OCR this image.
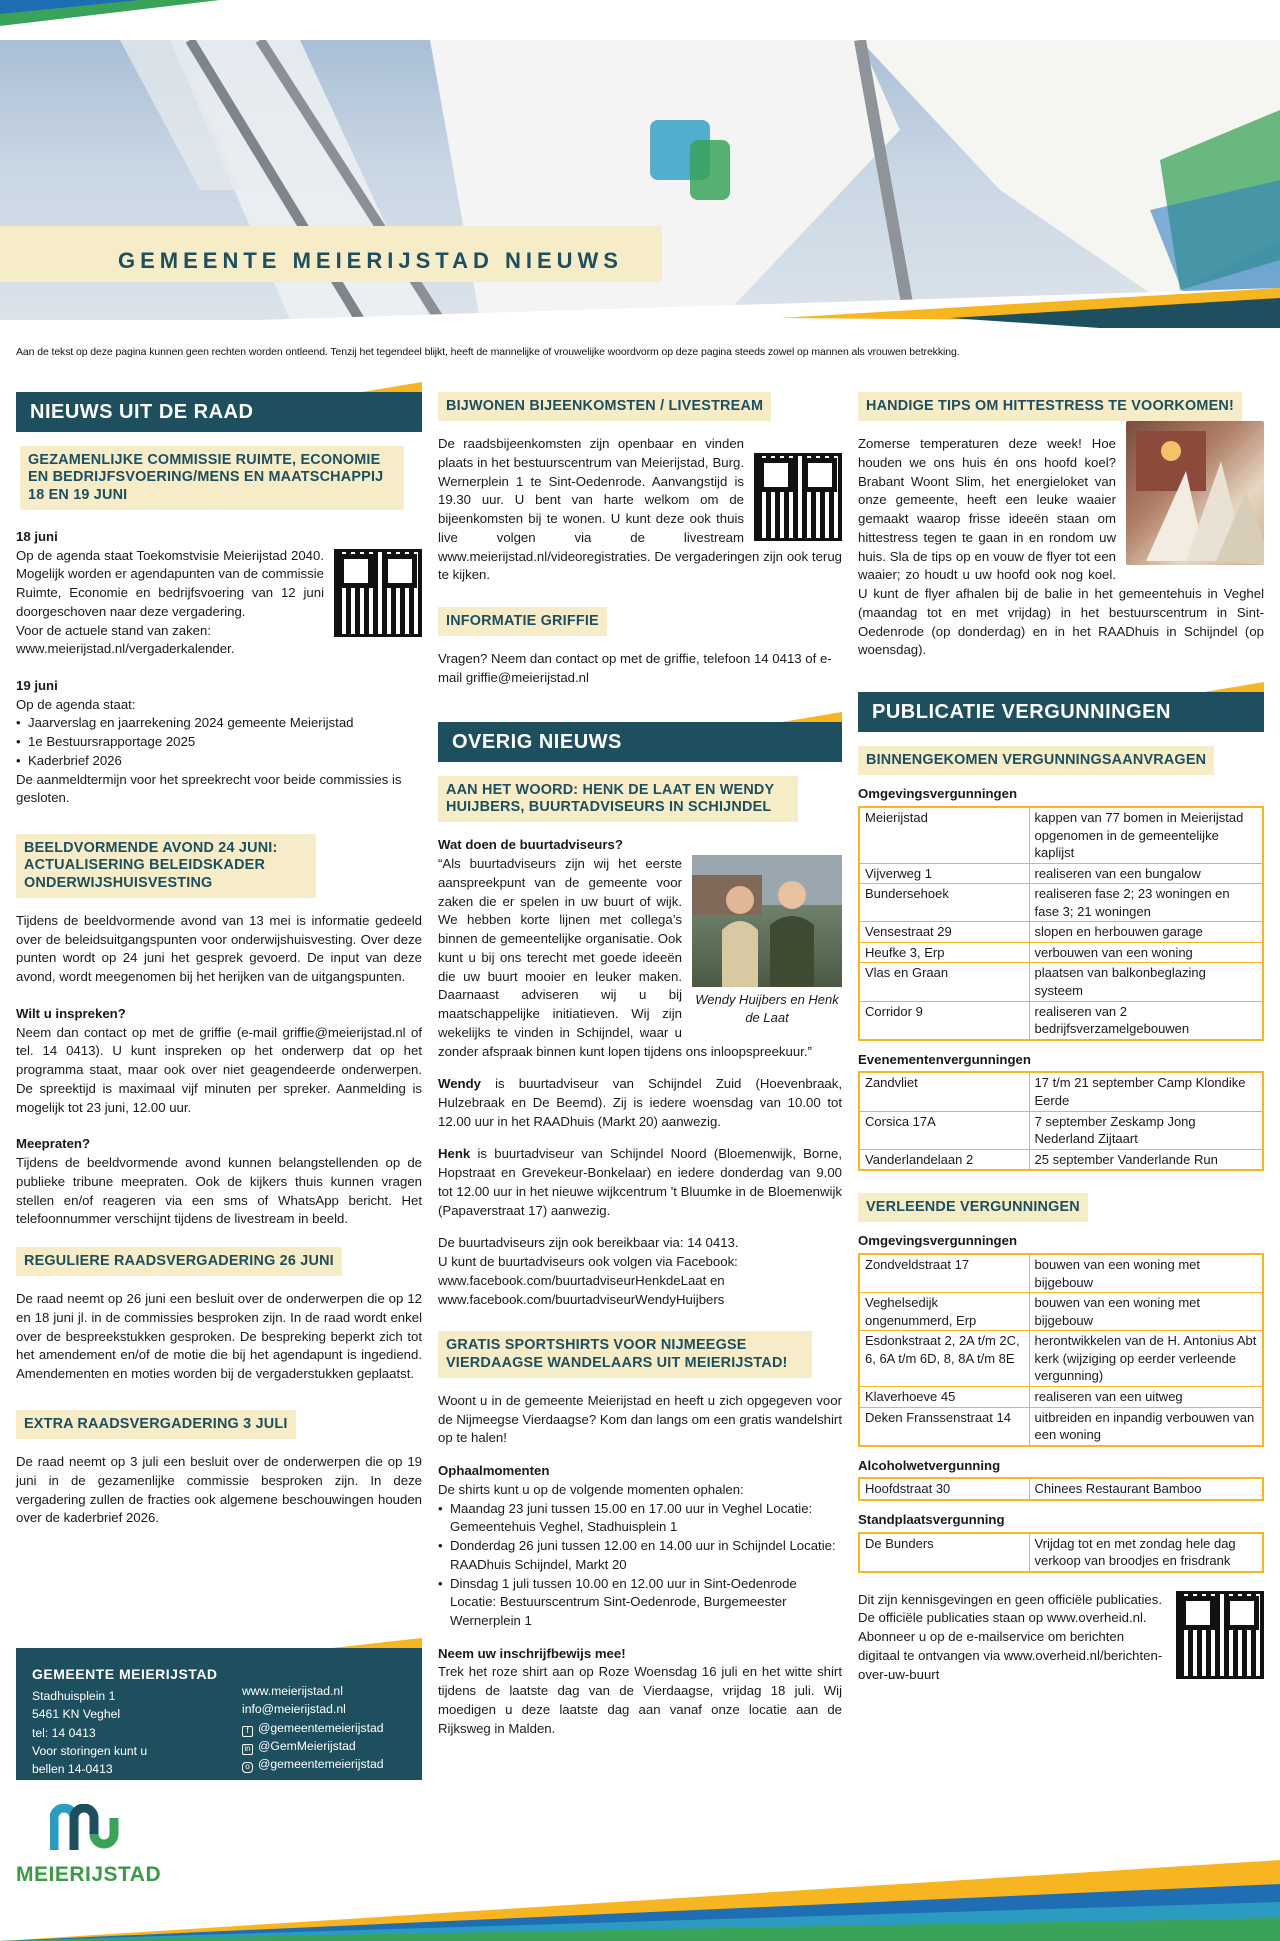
GEMEENTE MEIERIJSTAD NIEUWS
Aan de tekst op deze pagina kunnen geen rechten worden ontleend. Tenzij het tegendeel blijkt, heeft de mannelijke of vrouwelijke woordvorm op deze pagina steeds zowel op mannen als vrouwen betrekking.
NIEUWS UIT DE RAAD
GEZAMENLIJKE COMMISSIE RUIMTE, ECONOMIE EN BEDRIJFSVOERING/MENS EN MAATSCHAPPIJ 18 EN 19 JUNI

18 juni

Op de agenda staat Toekomstvisie Meierijstad 2040. Mogelijk worden er agendapunten van de commissie Ruimte, Economie en bedrijfsvoering van 12 juni doorgeschoven naar deze vergadering.

Voor de actuele stand van zaken:

www.meierijstad.nl/vergaderkalender.

19 juni

Op de agenda staat:

• Jaarverslag en jaarrekening 2024 gemeente Meierijstad
• 1e Bestuursrapportage 2025
• Kaderbrief 2026

De aanmeldtermijn voor het spreekrecht voor beide commissies is gesloten.

BEELDVORMENDE AVOND 24 JUNI: ACTUALISERING BELEIDSKADER ONDERWIJSHUISVESTING

Tijdens de beeldvormende avond van 13 mei is informatie gedeeld over de beleidsuitgangspunten voor onderwijshuisvesting. Over deze punten wordt op 24 juni het gesprek gevoerd. De input van deze avond, wordt meegenomen bij het herijken van de uitgangspunten.

Wilt u inspreken?

Neem dan contact op met de griffie (e-mail griffie@meierijstad.nl of tel. 14 0413). U kunt inspreken op het onderwerp dat op het programma staat, maar ook over niet geagendeerde onderwerpen. De spreektijd is maximaal vijf minuten per spreker. Aanmelding is mogelijk tot 23 juni, 12.00 uur.

Meepraten?

Tijdens de beeldvormende avond kunnen belangstellenden op de publieke tribune meepraten. Ook de kijkers thuis kunnen vragen stellen en/of reageren via een sms of WhatsApp bericht. Het telefoonnummer verschijnt tijdens de livestream in beeld.

REGULIERE RAADSVERGADERING 26 JUNI

De raad neemt op 26 juni een besluit over de onderwerpen die op 12 en 18 juni jl. in de commissies besproken zijn. In de raad wordt enkel over de bespreekstukken gesproken. De bespreking beperkt zich tot het amendement en/of de motie die bij het agendapunt is ingediend. Amendementen en moties worden bij de vergaderstukken geplaatst.

EXTRA RAADSVERGADERING 3 JULI

De raad neemt op 3 juli een besluit over de onderwerpen die op 19 juni in de gezamenlijke commissie besproken zijn. In deze vergadering zullen de fracties ook algemene beschouwingen houden over de kaderbrief 2026.

GEMEENTE MEIERIJSTAD
Stadhuisplein 1
5461 KN Veghel
tel: 14 0413
Voor storingen kunt u
bellen 14-0413
www.meierijstad.nl
info@meierijstad.nl
f @gemeentemeierijstad
in @GemMeierijstad
o @gemeentemeierijstad
MEIERIJSTAD
BIJWONEN BIJEENKOMSTEN / LIVESTREAM

De raadsbijeenkomsten zijn openbaar en vinden plaats in het bestuurscentrum van Meierijstad, Burg. Wernerplein 1 te Sint-Oedenrode. Aanvangstijd is 19.30 uur. U bent van harte welkom om de bijeenkomsten bij te wonen. U kunt deze ook thuis live volgen via de livestream www.meierijstad.nl/videoregistraties. De vergaderingen zijn ook terug te kijken.

INFORMATIE GRIFFIE

Vragen? Neem dan contact op met de griffie, telefoon 14 0413 of e-mail griffie@meierijstad.nl

OVERIG NIEUWS
AAN HET WOORD: HENK DE LAAT EN WENDY HUIJBERS, BUURTADVISEURS IN SCHIJNDEL

Wat doen de buurtadviseurs?

Wendy Huijbers en Henk de Laat

“Als buurtadviseurs zijn wij het eerste aanspreekpunt van de gemeente voor zaken die er spelen in uw buurt of wijk. We hebben korte lijnen met collega’s binnen de gemeentelijke organisatie. Ook kunt u bij ons terecht met goede ideeën die uw buurt mooier en leuker maken. Daarnaast adviseren wij u bij maatschappelijke initiatieven. Wij zijn wekelijks te vinden in Schijndel, waar u zonder afspraak binnen kunt lopen tijdens ons inloopspreekuur.”

Wendy is buurtadviseur van Schijndel Zuid (Hoevenbraak, Hulzebraak en De Beemd). Zij is iedere woensdag van 10.00 tot 12.00 uur in het RAADhuis (Markt 20) aanwezig.

Henk is buurtadviseur van Schijndel Noord (Bloemenwijk, Borne, Hopstraat en Grevekeur-Bonkelaar) en iedere donderdag van 9.00 tot 12.00 uur in het nieuwe wijkcentrum 't Bluumke in de Bloemenwijk (Papaverstraat 17) aanwezig.

De buurtadviseurs zijn ook bereikbaar via: 14 0413.

U kunt de buurtadviseurs ook volgen via Facebook:

www.facebook.com/buurtadviseurHenkdeLaat en

www.facebook.com/buurtadviseurWendyHuijbers

GRATIS SPORTSHIRTS VOOR NIJMEEGSE VIERDAAGSE WANDELAARS UIT MEIERIJSTAD!

Woont u in de gemeente Meierijstad en heeft u zich opgegeven voor de Nijmeegse Vierdaagse? Kom dan langs om een gratis wandelshirt op te halen!

Ophaalmomenten

De shirts kunt u op de volgende momenten ophalen:

• Maandag 23 juni tussen 15.00 en 17.00 uur in Veghel Locatie: Gemeentehuis Veghel, Stadhuisplein 1
• Donderdag 26 juni tussen 12.00 en 14.00 uur in Schijndel Locatie: RAADhuis Schijndel, Markt 20
• Dinsdag 1 juli tussen 10.00 en 12.00 uur in Sint-Oedenrode Locatie: Bestuurscentrum Sint-Oedenrode, Burgemeester Wernerplein 1

Neem uw inschrijfbewijs mee!

Trek het roze shirt aan op Roze Woensdag 16 juli en het witte shirt tijdens de laatste dag van de Vierdaagse, vrijdag 18 juli. Wij moedigen u deze laatste dag aan vanaf onze locatie aan de Rijksweg in Malden.

HANDIGE TIPS OM HITTESTRESS TE VOORKOMEN!

Zomerse temperaturen deze week! Hoe houden we ons huis én ons hoofd koel? Brabant Woont Slim, het energieloket van onze gemeente, heeft een leuke waaier gemaakt waarop frisse ideeën staan om hittestress tegen te gaan in en rondom uw huis. Sla de tips op en vouw de flyer tot een waaier; zo houdt u uw hoofd ook nog koel. U kunt de flyer afhalen bij de balie in het gemeentehuis in Veghel (maandag tot en met vrijdag) in het bestuurscentrum in Sint-Oedenrode (op donderdag) en in het RAADhuis in Schijndel (op woensdag).

PUBLICATIE VERGUNNINGEN
BINNENGEKOMEN VERGUNNINGSAANVRAGEN
Omgevingsvergunningen
Meierijstad	kappen van 77 bomen in Meierijstad opgenomen in de gemeentelijke kaplijst
Vijverweg 1	realiseren van een bungalow
Bundersehoek	realiseren fase 2; 23 woningen en fase 3; 21 woningen
Vensestraat 29	slopen en herbouwen garage
Heufke 3, Erp	verbouwen van een woning
Vlas en Graan	plaatsen van balkonbeglazing systeem
Corridor 9	realiseren van 2 bedrijfsverzamelgebouwen
Evenementenvergunningen
Zandvliet	17 t/m 21 september Camp Klondike Eerde
Corsica 17A	7 september Zeskamp Jong Nederland Zijtaart
Vanderlandelaan 2	25 september Vanderlande Run
VERLEENDE VERGUNNINGEN
Omgevingsvergunningen
Zondveldstraat 17	bouwen van een woning met bijgebouw
Veghelsedijk ongenummerd, Erp	bouwen van een woning met bijgebouw
Esdonkstraat 2, 2A t/m 2C, 6, 6A t/m 6D, 8, 8A t/m 8E	herontwikkelen van de H. Antonius Abt kerk (wijziging op eerder verleende vergunning)
Klaverhoeve 45	realiseren van een uitweg
Deken Franssenstraat 14	uitbreiden en inpandig verbouwen van een woning
Alcoholwetvergunning
Hoofdstraat 30	Chinees Restaurant Bamboo
Standplaatsvergunning
De Bunders	Vrijdag tot en met zondag hele dag verkoop van broodjes en frisdrank

Dit zijn kennisgevingen en geen officiële publicaties. De officiële publicaties staan op www.overheid.nl. Abonneer u op de e-mailservice om berichten digitaal te ontvangen via www.overheid.nl/berichten-over-uw-buurt
